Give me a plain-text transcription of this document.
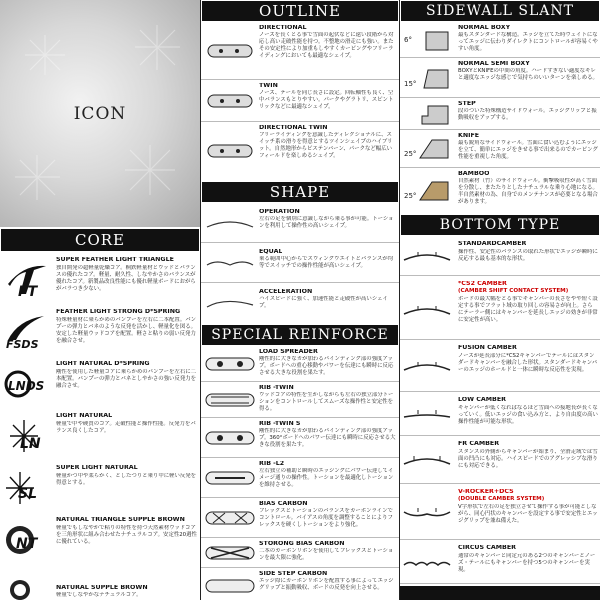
ICON
CORE
FT
SUPER FEATHER LIGHT TRIANGLE
独自開発の超軽量乾燥コア。桐鉄軽量材とウッドとバランスの優れたコア。軽量、耐久性、しなやかさのバランスが優れたコア。新製品改良性能にも優れ軽量ボードにおがらがバラつき少ない。
FSDS
FEATHER LIGHT STRONG D*SPRING
特殊軽量材に乗らかめのバンプーを左右に二本配置。バンプーの弾力とバネのような反発を活かし、軽量化を図る。安定した軽量ウッドコアを配置。軽さと粘りの弱い反発力を融合させ。
LNDS
LIGHT NATURAL D*SPRING
剛性を使用した軽量コアに乗らかめのバンプーを左右に二本配置。バンプーの弾力とバネとしやかさの強い反発力を融合させ。
LN
LIGHT NATURAL
軽量で中や硬質のコア。走破性能と操作性能。反発力をバランス良くしたコア。
SL
SUPER LIGHT NATURAL
軽量かつ中や柔らかく、としたつりと乗り中に軽い反発を得意とする。
NT
NATURAL TRIANGLE SUPPLE BROWN
軽量でもしなやかで粘りの特性を持つ天然素材ウッドコアを三角形状に組み合わせたナチュラルコア。安定性20週性に優れている。
NATURAL SUPPLE BROWN
軽量でしなやかなナチュラルコア。
OUTLINE
DIRECTIONAL
ノーズを長くとる事で雪面の起伏などに遠い段階から対応し高い走破性能を持つ。不整地の滑走にも強い。またその安定性により加重もしやすくカービングやフリーライディングにおいても最適なシェイプ。
TWIN
ノーズ、テールを同じ長さに設定。回転軸性も良く、空中バランスもとりやすい。パークやグラトリ、スピントリックなどに最適なシェイプ。
DIRECTIONAL TWIN
フリーライディングを意識したディレクショナルに、スイッチ系の滑りを得意とするツインシェイプのハイブリット。自然地形からピステンバーン、パークなど幅広いフィールドを楽しめるシェイプ。
SHAPE
OPERATION
左右の足を個別に意識しながら乗る事が可能。トーションを利用して操作性の高いシェイプ。
EQUAL
乗る範囲中心からでスウィングウエイトとバランスが均等でスイッチでの操作性能が高いシェイプ。
ACCELERATION
ハイスピードに強く、加速性能と走破性が高いシェイプ。
SPECIAL REINFORCE
LOAD SPREADER
剛性的に大きなカが加わるバインディング部の強度アップ。ボードへの重心移動やパワーを伝達にも瞬時に反応させる大きな役割を果たす。
RIB -TWIN
ウッドコアの特性を生かしながらも左右の独立部分トーションをコントロールしてスムーズな操作性と安定性を得る。
RIB -TWIN S
剛性的に大きなカが加わるバインディング部の強度アップ。360°ボードへのパワー伝達にも瞬時に反応させる大きな役割を果たす。
RIB -L2
左右独立の補助と瞬時のエッジングにパワー伝達してイメージ通りの操作性。トーションを最適化しトーションを維持させる。
BIAS CARBON
フレックスとトーションのバランスをカーボンラインでコントロール。バイアスの角度を調整することによりフレックスを硬くしトーションをより強化。
STORONG BIAS CARBON
二本のカーボンリボンを使用してフレックスとトーションを最大限に強化。
SIDE STEP CARBON
エッジ際にカーボンリボンを配置する事によってエッジグリップと振動吸収、ボードの反発を向上させる。
SIDEWALL SLANT
6°
NORMAL BOXY
最もスタンダードな構造。エッジを立てた時ウェイトになってエッジに伝わりダイレクトにコントロールが容易くやすい角度。
15°
NORMAL SEMI BOXY
BOXYとKNIFEの中間の角度。ハードすぎない適度なキレと適度なエッジな感じで気持ちのいいターンを楽しめる。
STEP
段のついた特殊構造サイドウォール。エッジグリップと振動吸収をアップする。
25°
KNIFE
最も鋭角なサイドウォール。雪面に食い込むようにエッジを立て、簡単にエッジをきせる事で出来るのでカービング性能を重視した角度。
25°
BAMBOO
自然素材（竹）のサイドウォール。衝撃吸収性が高く雪面を分散し、またたりとしたナチュラルな乗り心地になる。半自然素材の為、自身でのメンテナンスが必要となる場合があります。
BOTTOM TYPE
STANDARDCAMBER
操作性、安定性のバランスの取れた形状でエッジが瞬時に反応する最も基本的な形状。
*CS2 CAMBER
(CAMBER SHIFT CONTACT SYSTEM)
ボードの最大幅をとる事でキャンバーの長さをやや短く設定する事でフラット域の取り回しの容易さが向上。さらにテーラー側にはキャンバーを延長しエッジの効きが非常に安定性が高い。
FUSION CAMBER
ノーズが延長部分に*CS2キャンバーでテールにはスタンダードキャンバーを融合した形状。スタンダードキャンバーのエッジのホールドと一体に瞬時な反応性を実現。
LOW CAMBER
キャンバーが低くなればなるほど雪面への接地長が長くなっていく。低いエッジの食い込み方と、より自由度の高い操作性能が可能な形状。
FR CAMBER
スタンスの外側からキャンバーが始まり、全滑走域では雪面の凹凸にも対応。ハイスピードでのアグレッシブな滑りにも対応できる。
V-ROCKER+DCS
(DOUBLE CAMBER SYSTEM)
V字形状で左右の足を独立させて操作する事が可能としながら、同心円状のキャンバーを設定する事で安定性とエッジグリップを兼ね備えた。
CIRCUS CAMBER
通常のキャンバーと同定元のある2つのキャンバーとノーズ・テールにもキャンバーを持つ5つのキャンバーを実現。
